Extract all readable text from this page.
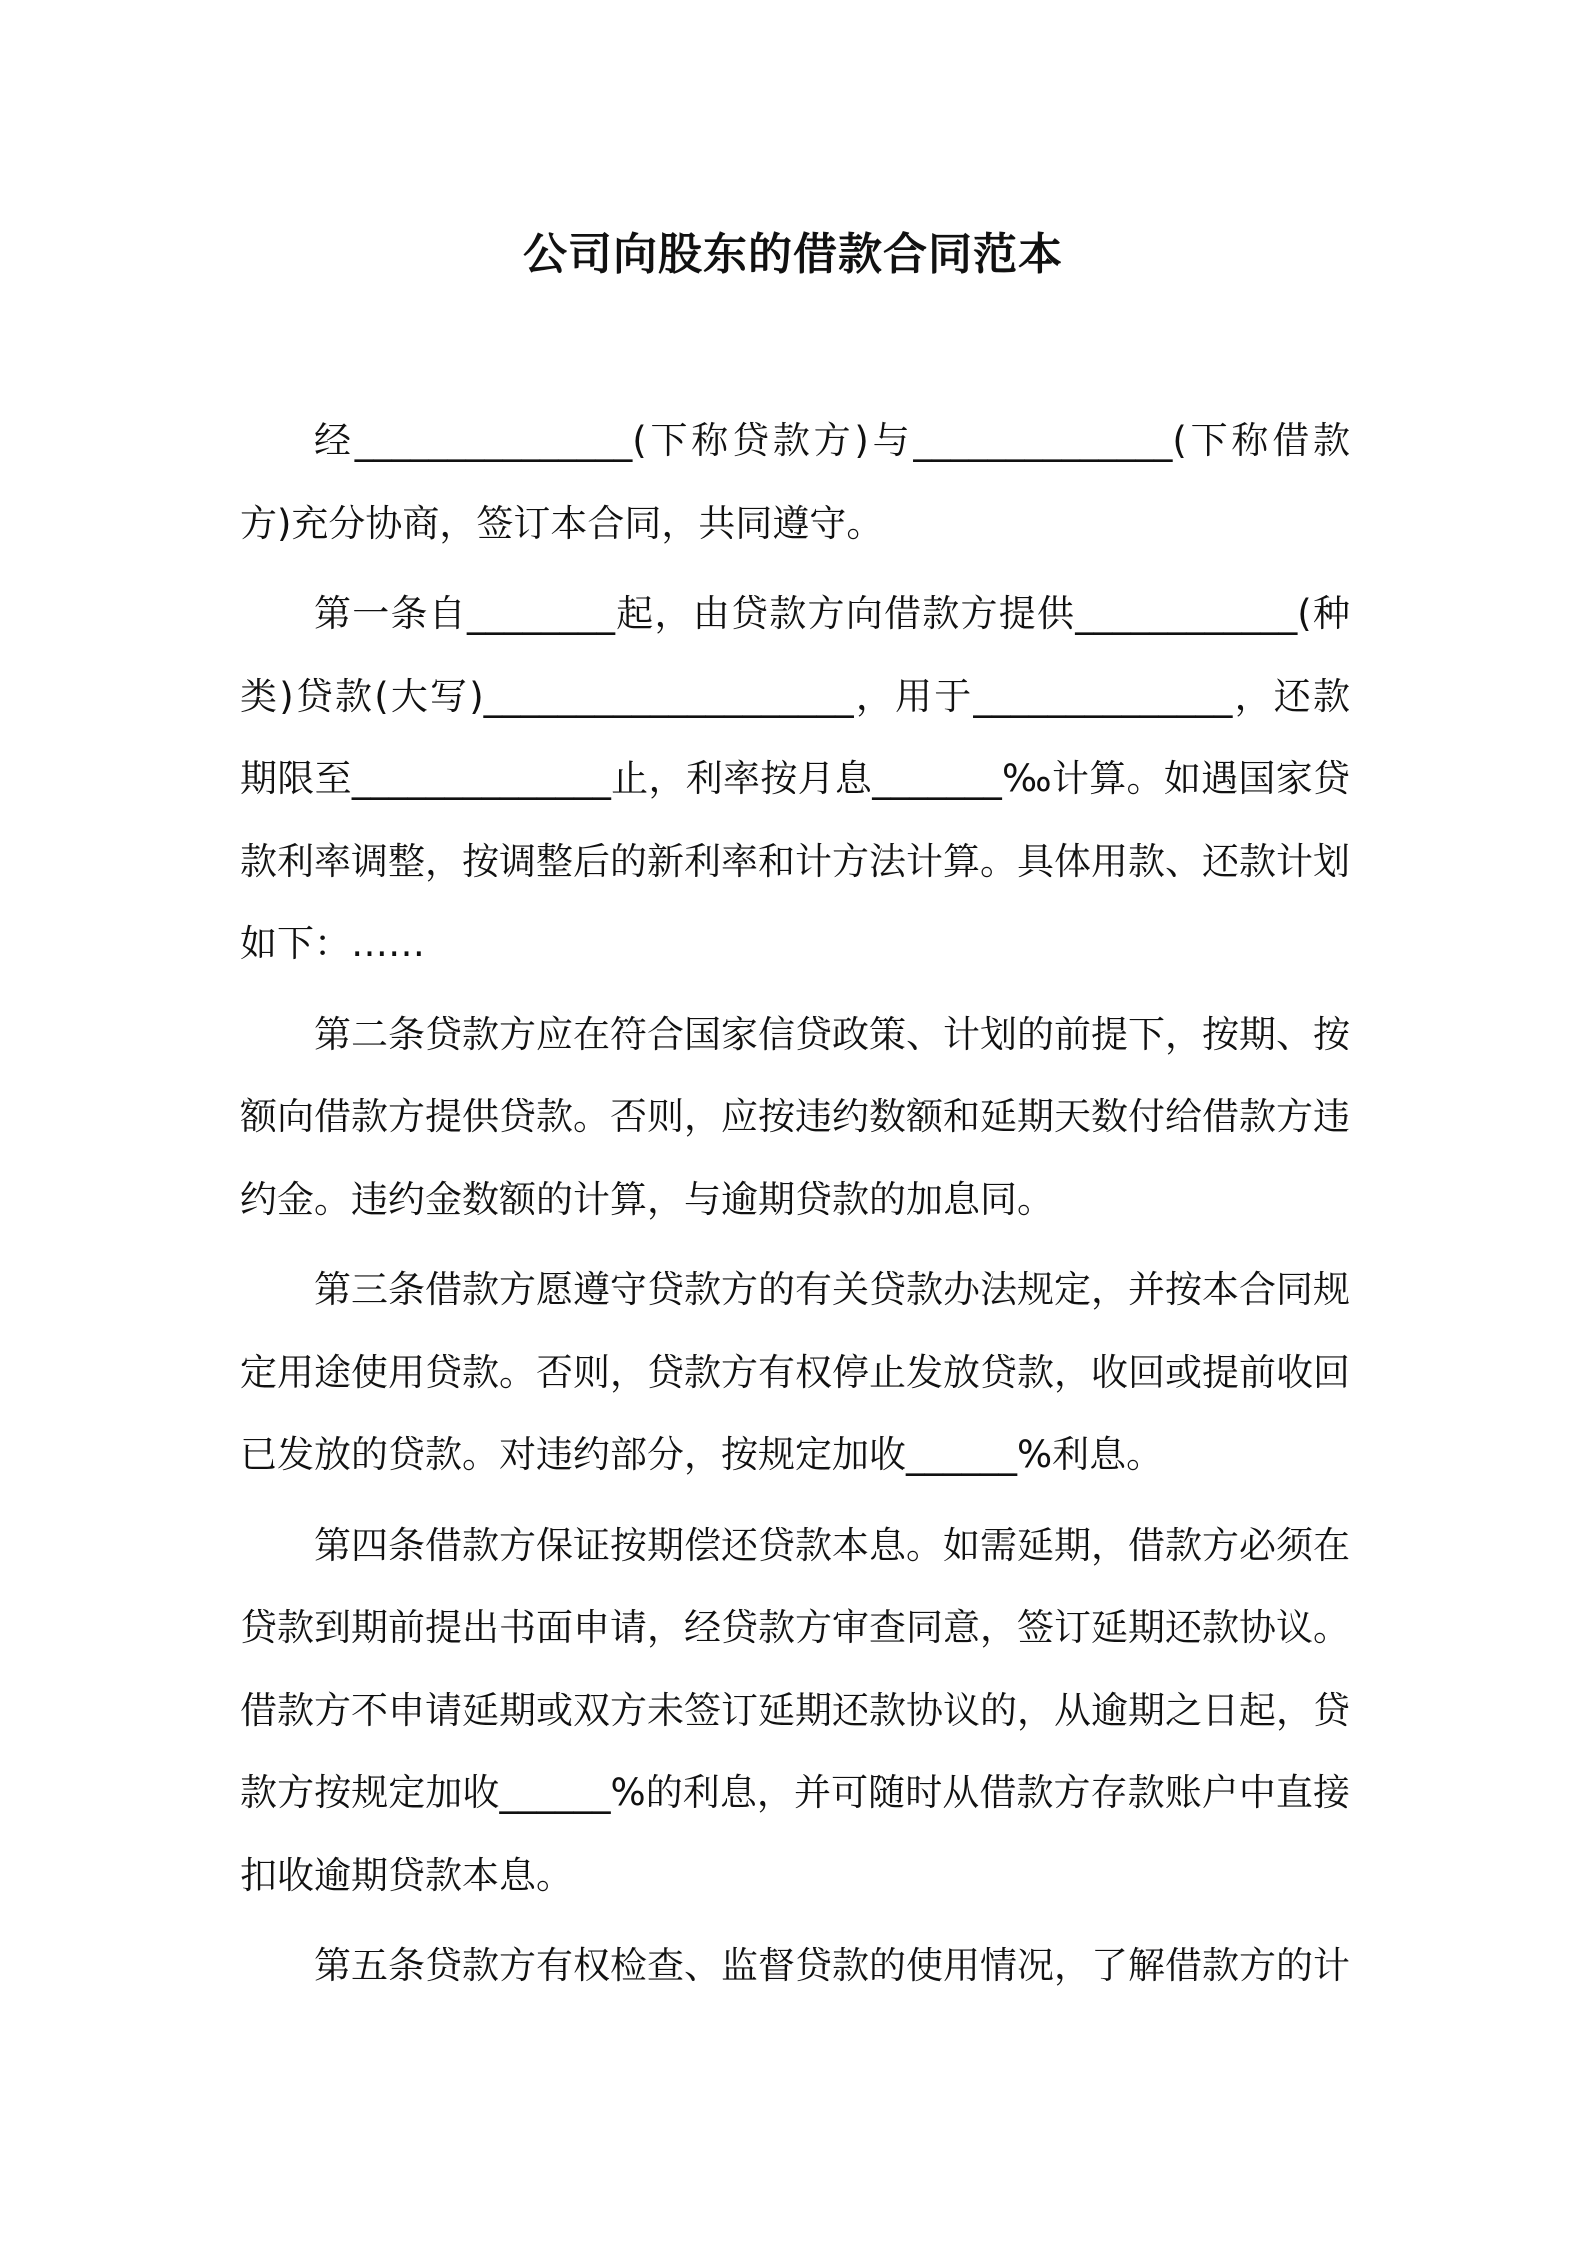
公司向股东的借款合同范本

经_______________(下称贷款方)与______________(下称借款方)充分协商，签订本合同，共同遵守。

第一条自________起，由贷款方向借款方提供____________(种类)贷款(大写)____________________，用于______________，还款期限至______________止，利率按月息_______‰计算。如遇国家贷款利率调整，按调整后的新利率和计方法计算。具体用款、还款计划如下：……

第二条贷款方应在符合国家信贷政策、计划的前提下，按期、按额向借款方提供贷款。否则，应按违约数额和延期天数付给借款方违约金。违约金数额的计算，与逾期贷款的加息同。

第三条借款方愿遵守贷款方的有关贷款办法规定，并按本合同规定用途使用贷款。否则，贷款方有权停止发放贷款，收回或提前收回已发放的贷款。对违约部分，按规定加收______%利息。

第四条借款方保证按期偿还贷款本息。如需延期，借款方必须在贷款到期前提出书面申请，经贷款方审查同意，签订延期还款协议。借款方不申请延期或双方未签订延期还款协议的，从逾期之日起，贷款方按规定加收______%的利息，并可随时从借款方存款账户中直接扣收逾期贷款本息。

第五条贷款方有权检查、监督贷款的使用情况，了解借款方的计
